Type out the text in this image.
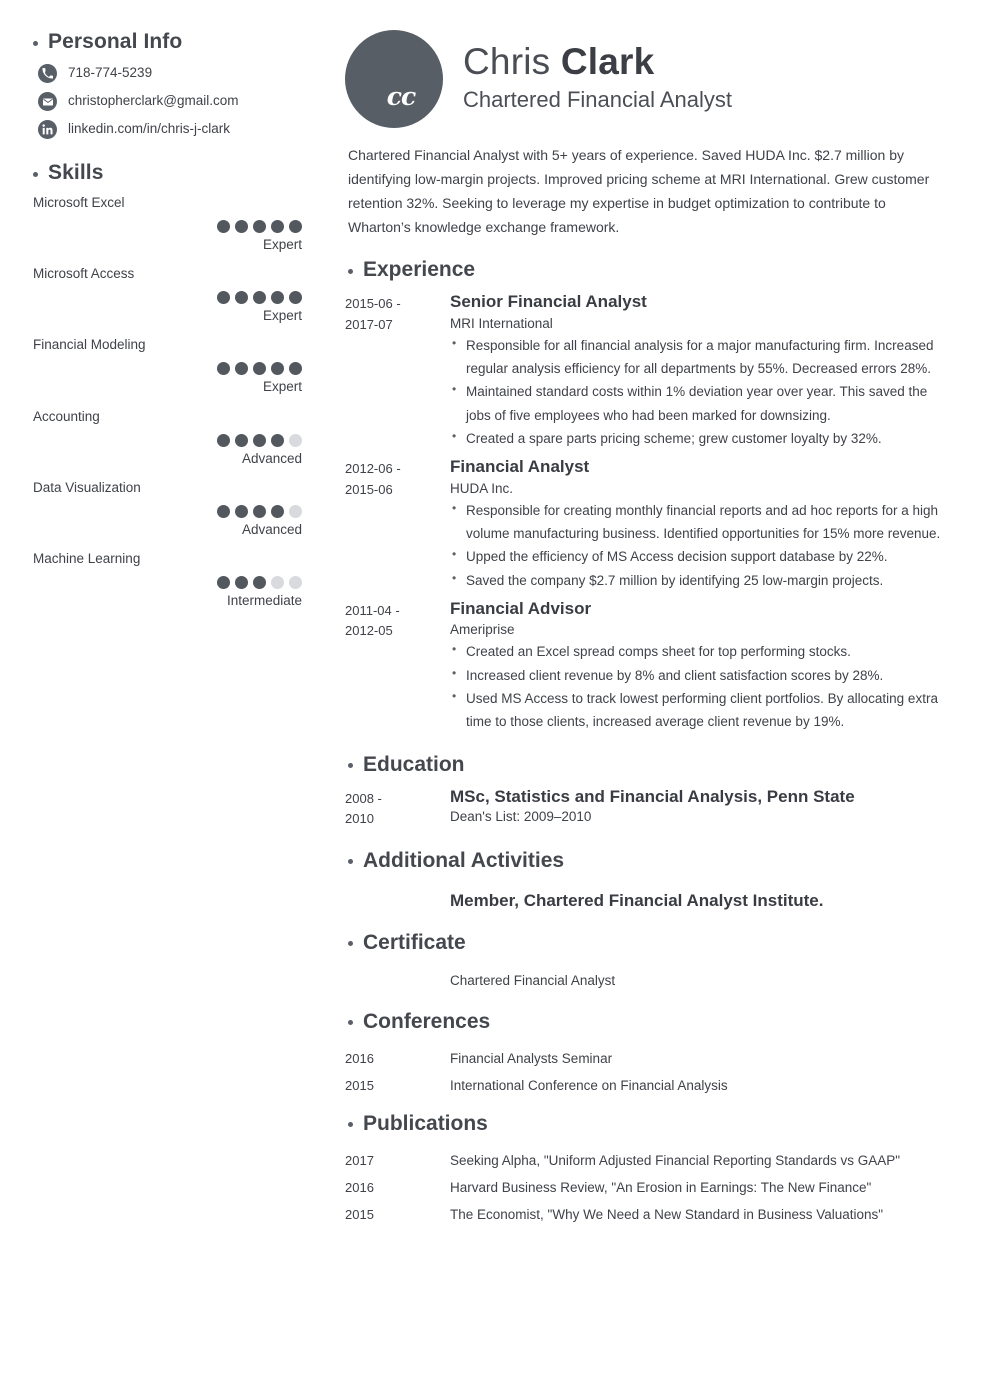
Personal Info
718-774-5239
christopherclark@gmail.com
linkedin.com/in/chris-j-clark
Skills
Microsoft Excel
Expert
Microsoft Access
Expert
Financial Modeling
Expert
Accounting
Advanced
Data Visualization
Advanced
Machine Learning
Intermediate
cc
Chris Clark
Chartered Financial Analyst

Chartered Financial Analyst with 5+ years of experience. Saved HUDA Inc. $2.7 million by identifying low-margin projects. Improved pricing scheme at MRI International. Grew customer retention 32%. Seeking to leverage my expertise in budget optimization to contribute to Wharton’s knowledge exchange framework.

Experience
2015-06 -
2017-07
Senior Financial Analyst
MRI International
• Responsible for all financial analysis for a major manufacturing firm. Increased regular analysis efficiency for all departments by 55%. Decreased errors 28%.
• Maintained standard costs within 1% deviation year over year. This saved the jobs of five employees who had been marked for downsizing.
• Created a spare parts pricing scheme; grew customer loyalty by 32%.
2012-06 -
2015-06
Financial Analyst
HUDA Inc.
• Responsible for creating monthly financial reports and ad hoc reports for a high volume manufacturing business. Identified opportunities for 15% more revenue.
• Upped the efficiency of MS Access decision support database by 22%.
• Saved the company $2.7 million by identifying 25 low-margin projects.
2011-04 -
2012-05
Financial Advisor
Ameriprise
• Created an Excel spread comps sheet for top performing stocks.
• Increased client revenue by 8% and client satisfaction scores by 28%.
• Used MS Access to track lowest performing client portfolios. By allocating extra time to those clients, increased average client revenue by 19%.
Education
2008 -
2010
MSc, Statistics and Financial Analysis, Penn State
Dean's List: 2009–2010
Additional Activities
Member, Chartered Financial Analyst Institute.
Certificate
Chartered Financial Analyst
Conferences
2016	Financial Analysts Seminar
2015	International Conference on Financial Analysis
Publications
2017	Seeking Alpha, "Uniform Adjusted Financial Reporting Standards vs GAAP"
2016	Harvard Business Review, "An Erosion in Earnings: The New Finance"
2015	The Economist, "Why We Need a New Standard in Business Valuations"
